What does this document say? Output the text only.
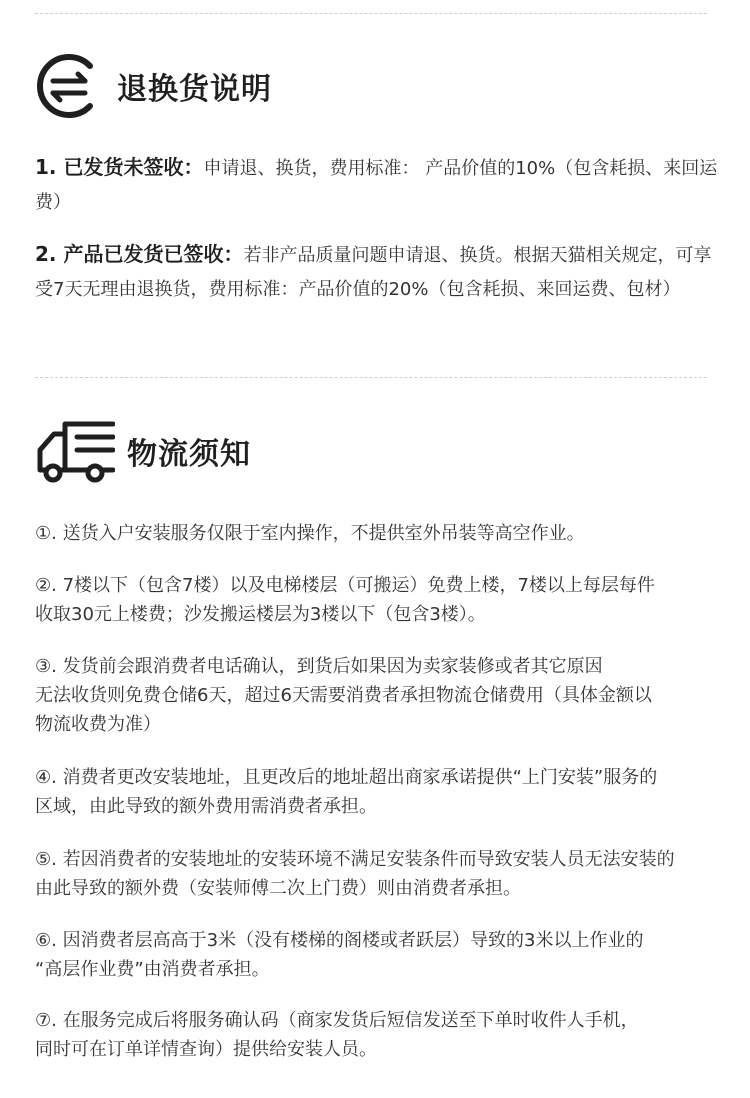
退换货说明
1. 已发货未签收：申请退、换货，费用标准： 产品价值的10%（包含耗损、来回运费）
2. 产品已发货已签收：若非产品质量问题申请退、换货。根据天猫相关规定，可享受7天无理由退换货，费用标准：产品价值的20%（包含耗损、来回运费、包材）
物流须知

①. 送货入户安装服务仅限于室内操作，不提供室外吊装等高空作业。

②. 7楼以下（包含7楼）以及电梯楼层（可搬运）免费上楼，7楼以上每层每件

收取30元上楼费；沙发搬运楼层为3楼以下（包含3楼）。

③. 发货前会跟消费者电话确认，到货后如果因为卖家装修或者其它原因

无法收货则免费仓储6天，超过6天需要消费者承担物流仓储费用（具体金额以

物流收费为准）

④. 消费者更改安装地址，且更改后的地址超出商家承诺提供“上门安装”服务的

区域，由此导致的额外费用需消费者承担。

⑤. 若因消费者的安装地址的安装环境不满足安装条件而导致安装人员无法安装的

由此导致的额外费（安装师傅二次上门费）则由消费者承担。

⑥. 因消费者层高高于3米（没有楼梯的阁楼或者跃层）导致的3米以上作业的

“高层作业费”由消费者承担。

⑦. 在服务完成后将服务确认码（商家发货后短信发送至下单时收件人手机，

同时可在订单详情查询）提供给安装人员。
